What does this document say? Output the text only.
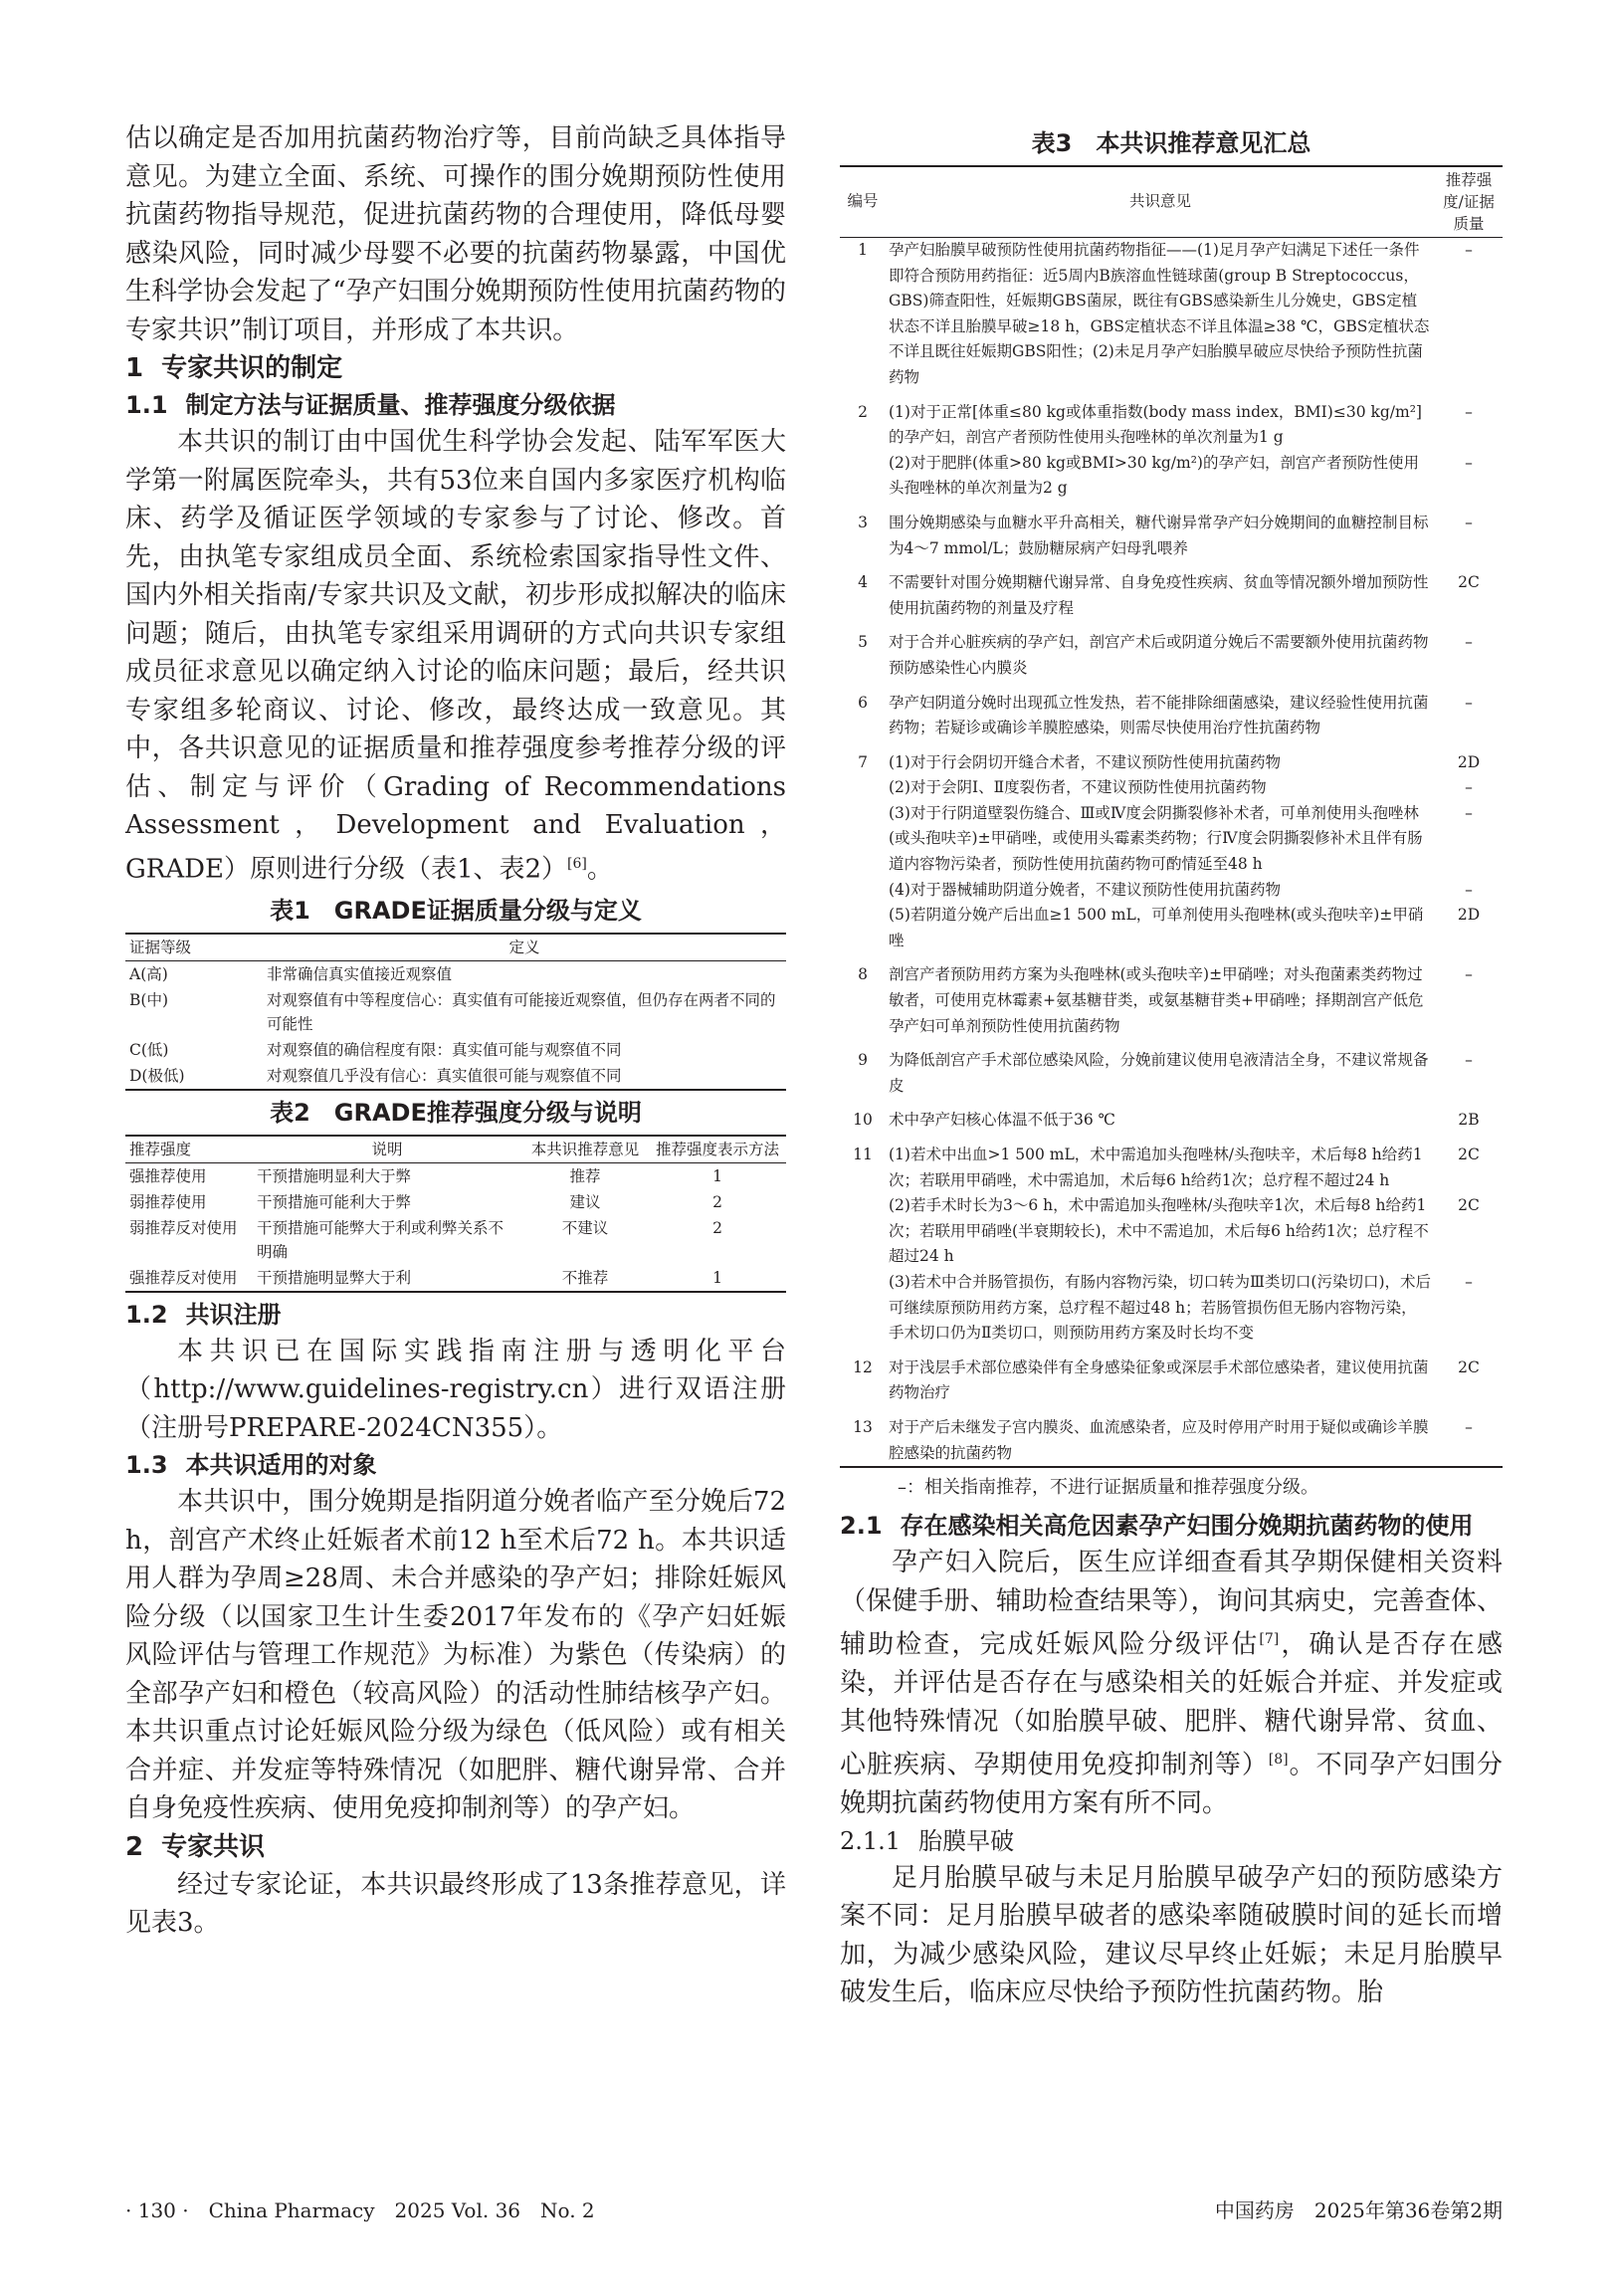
估以确定是否加用抗菌药物治疗等，目前尚缺乏具体指导意见。为建立全面、系统、可操作的围分娩期预防性使用抗菌药物指导规范，促进抗菌药物的合理使用，降低母婴感染风险，同时减少母婴不必要的抗菌药物暴露，中国优生科学协会发起了“孕产妇围分娩期预防性使用抗菌药物的专家共识”制订项目，并形成了本共识。

1 专家共识的制定
1.1 制定方法与证据质量、推荐强度分级依据

本共识的制订由中国优生科学协会发起、陆军军医大学第一附属医院牵头，共有53位来自国内多家医疗机构临床、药学及循证医学领域的专家参与了讨论、修改。首先，由执笔专家组成员全面、系统检索国家指导性文件、国内外相关指南/专家共识及文献，初步形成拟解决的临床问题；随后，由执笔专家组采用调研的方式向共识专家组成员征求意见以确定纳入讨论的临床问题；最后，经共识专家组多轮商议、讨论、修改，最终达成一致意见。其中，各共识意见的证据质量和推荐强度参考推荐分级的评估、制定与评价（Grading of Recommendations Assessment，Development and Evaluation，GRADE）原则进行分级（表1、表2）[6]。

表1　GRADE证据质量分级与定义
证据等级	定义
A(高)	非常确信真实值接近观察值
B(中)	对观察值有中等程度信心：真实值有可能接近观察值，但仍存在两者不同的可能性
C(低)	对观察值的确信程度有限：真实值可能与观察值不同
D(极低)	对观察值几乎没有信心：真实值很可能与观察值不同
表2　GRADE推荐强度分级与说明
推荐强度	说明	本共识推荐意见	推荐强度表示方法
强推荐使用	干预措施明显利大于弊	推荐	1
弱推荐使用	干预措施可能利大于弊	建议	2
弱推荐反对使用	干预措施可能弊大于利或利弊关系不明确	不建议	2
强推荐反对使用	干预措施明显弊大于利	不推荐	1
1.2 共识注册

本共识已在国际实践指南注册与透明化平台（http://www.guidelines-registry.cn）进行双语注册（注册号PREPARE-2024CN355）。

1.3 本共识适用的对象

本共识中，围分娩期是指阴道分娩者临产至分娩后72 h，剖宫产术终止妊娠者术前12 h至术后72 h。本共识适用人群为孕周≥28周、未合并感染的孕产妇；排除妊娠风险分级（以国家卫生计生委2017年发布的《孕产妇妊娠风险评估与管理工作规范》为标准）为紫色（传染病）的全部孕产妇和橙色（较高风险）的活动性肺结核孕产妇。本共识重点讨论妊娠风险分级为绿色（低风险）或有相关合并症、并发症等特殊情况（如肥胖、糖代谢异常、合并自身免疫性疾病、使用免疫抑制剂等）的孕产妇。

2 专家共识

经过专家论证，本共识最终形成了13条推荐意见，详见表3。

表3　本共识推荐意见汇总
编号	共识意见	推荐强度/证据质量
1	孕产妇胎膜早破预防性使用抗菌药物指征——(1)足月孕产妇满足下述任一条件即符合预防用药指征：近5周内B族溶血性链球菌(group B Streptococcus，GBS)筛查阳性，妊娠期GBS菌尿，既往有GBS感染新生儿分娩史，GBS定植状态不详且胎膜早破≥18 h，GBS定植状态不详且体温≥38 ℃，GBS定植状态不详且既往妊娠期GBS阳性；(2)未足月孕产妇胎膜早破应尽快给予预防性抗菌药物	–
2	(1)对于正常[体重≤80 kg或体重指数(body mass index，BMI)≤30 kg/m²]的孕产妇，剖宫产者预防性使用头孢唑林的单次剂量为1 g	–
	(2)对于肥胖(体重>80 kg或BMI>30 kg/m²)的孕产妇，剖宫产者预防性使用头孢唑林的单次剂量为2 g	–
3	围分娩期感染与血糖水平升高相关，糖代谢异常孕产妇分娩期间的血糖控制目标为4～7 mmol/L；鼓励糖尿病产妇母乳喂养	–
4	不需要针对围分娩期糖代谢异常、自身免疫性疾病、贫血等情况额外增加预防性使用抗菌药物的剂量及疗程	2C
5	对于合并心脏疾病的孕产妇，剖宫产术后或阴道分娩后不需要额外使用抗菌药物预防感染性心内膜炎	–
6	孕产妇阴道分娩时出现孤立性发热，若不能排除细菌感染，建议经验性使用抗菌药物；若疑诊或确诊羊膜腔感染，则需尽快使用治疗性抗菌药物	–
7	(1)对于行会阴切开缝合术者，不建议预防性使用抗菌药物	2D
	(2)对于会阴Ⅰ、Ⅱ度裂伤者，不建议预防性使用抗菌药物	–
	(3)对于行阴道壁裂伤缝合、Ⅲ或Ⅳ度会阴撕裂修补术者，可单剂使用头孢唑林(或头孢呋辛)±甲硝唑，或使用头霉素类药物；行Ⅳ度会阴撕裂修补术且伴有肠道内容物污染者，预防性使用抗菌药物可酌情延至48 h	–
	(4)对于器械辅助阴道分娩者，不建议预防性使用抗菌药物	–
	(5)若阴道分娩产后出血≥1 500 mL，可单剂使用头孢唑林(或头孢呋辛)±甲硝唑	2D
8	剖宫产者预防用药方案为头孢唑林(或头孢呋辛)±甲硝唑；对头孢菌素类药物过敏者，可使用克林霉素+氨基糖苷类，或氨基糖苷类+甲硝唑；择期剖宫产低危孕产妇可单剂预防性使用抗菌药物	–
9	为降低剖宫产手术部位感染风险，分娩前建议使用皂液清洁全身，不建议常规备皮	–
10	术中孕产妇核心体温不低于36 ℃	2B
11	(1)若术中出血>1 500 mL，术中需追加头孢唑林/头孢呋辛，术后每8 h给药1次；若联用甲硝唑，术中需追加，术后每6 h给药1次；总疗程不超过24 h	2C
	(2)若手术时长为3～6 h，术中需追加头孢唑林/头孢呋辛1次，术后每8 h给药1次；若联用甲硝唑(半衰期较长)，术中不需追加，术后每6 h给药1次；总疗程不超过24 h	2C
	(3)若术中合并肠管损伤，有肠内容物污染，切口转为Ⅲ类切口(污染切口)，术后可继续原预防用药方案，总疗程不超过48 h；若肠管损伤但无肠内容物污染，手术切口仍为Ⅱ类切口，则预防用药方案及时长均不变	–
12	对于浅层手术部位感染伴有全身感染征象或深层手术部位感染者，建议使用抗菌药物治疗	2C
13	对于产后未继发子宫内膜炎、血流感染者，应及时停用产时用于疑似或确诊羊膜腔感染的抗菌药物	–
–：相关指南推荐，不进行证据质量和推荐强度分级。
2.1 存在感染相关高危因素孕产妇围分娩期抗菌药物的使用

孕产妇入院后，医生应详细查看其孕期保健相关资料（保健手册、辅助检查结果等），询问其病史，完善查体、辅助检查，完成妊娠风险分级评估[7]，确认是否存在感染，并评估是否存在与感染相关的妊娠合并症、并发症或其他特殊情况（如胎膜早破、肥胖、糖代谢异常、贫血、心脏疾病、孕期使用免疫抑制剂等）[8]。不同孕产妇围分娩期抗菌药物使用方案有所不同。

2.1.1 胎膜早破

足月胎膜早破与未足月胎膜早破孕产妇的预防感染方案不同：足月胎膜早破者的感染率随破膜时间的延长而增加，为减少感染风险，建议尽早终止妊娠；未足月胎膜早破发生后，临床应尽快给予预防性抗菌药物。胎

· 130 ·　China Pharmacy　2025 Vol. 36　No. 2	中国药房　2025年第36卷第2期
